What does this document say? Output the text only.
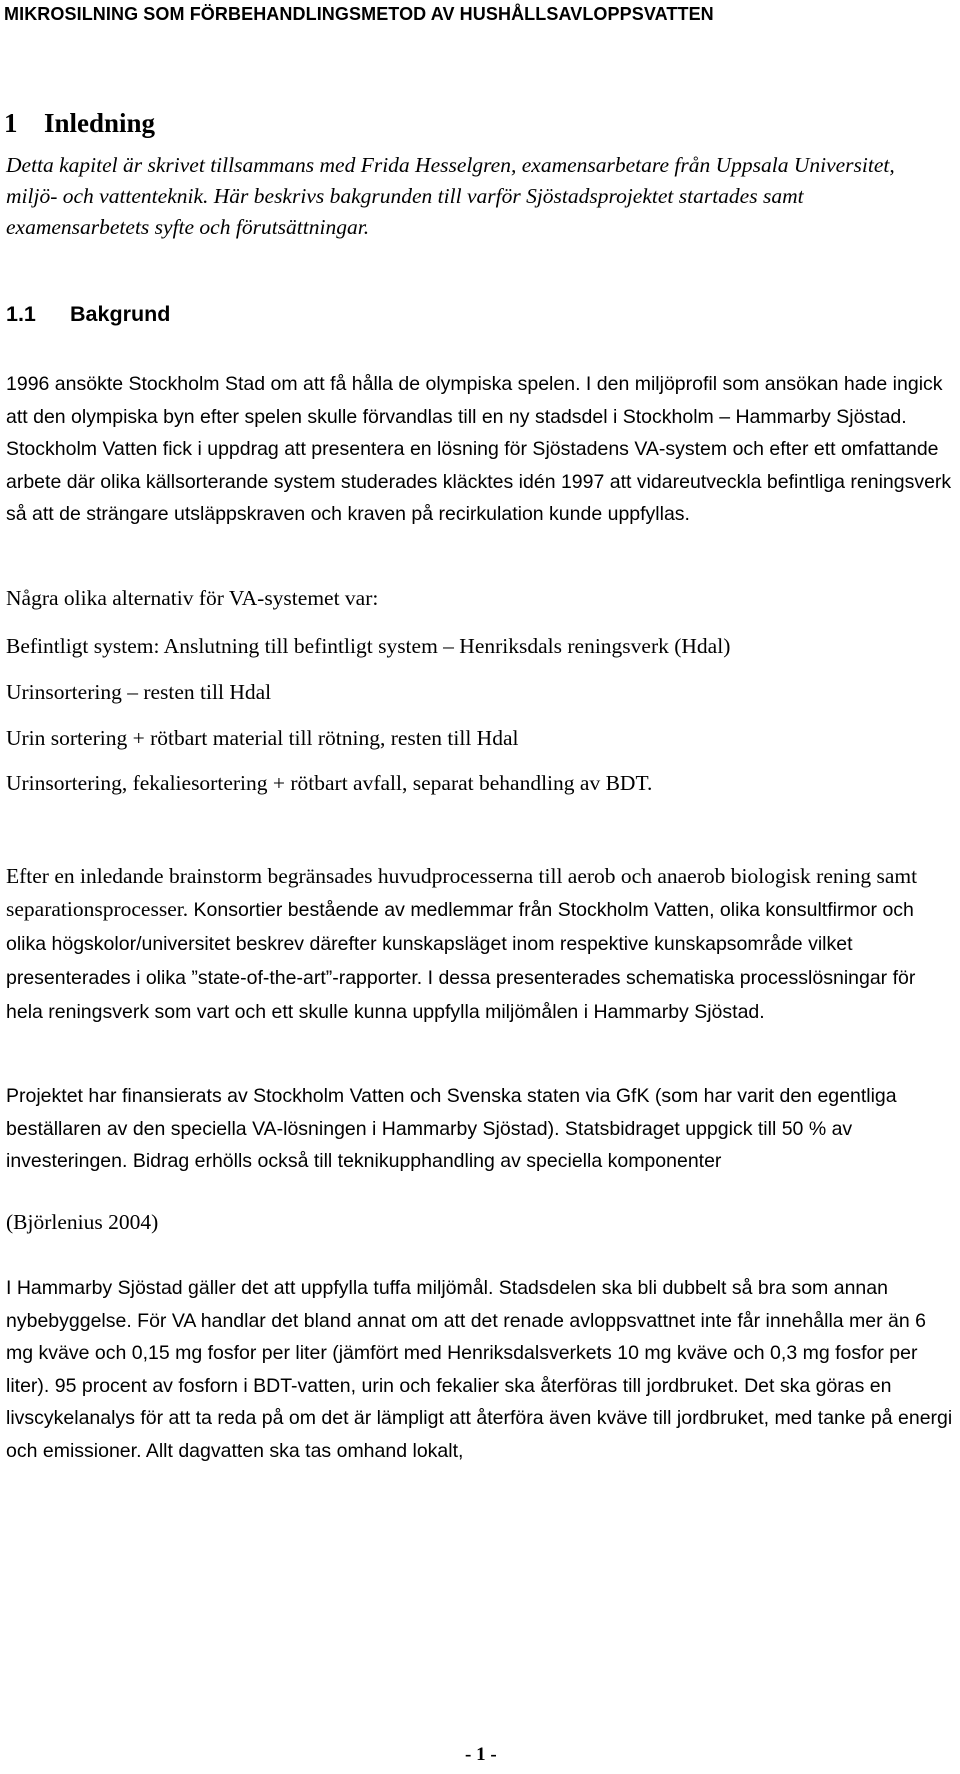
MIKROSILNING SOM FÖRBEHANDLINGSMETOD AV HUSHÅLLSAVLOPPSVATTEN
1 Inledning
Detta kapitel är skrivet tillsammans med Frida Hesselgren, examensarbetare från Uppsala Universitet, miljö- och vattenteknik. Här beskrivs bakgrunden till varför Sjöstadsprojektet startades samt examensarbetets syfte och förutsättningar.
1.1 Bakgrund
1996 ansökte Stockholm Stad om att få hålla de olympiska spelen. I den miljöprofil som ansökan hade ingick att den olympiska byn efter spelen skulle förvandlas till en ny stadsdel i Stockholm – Hammarby Sjöstad. Stockholm Vatten fick i uppdrag att presentera en lösning för Sjöstadens VA-system och efter ett omfattande arbete där olika källsorterande system studerades kläcktes idén 1997 att vidareutveckla befintliga reningsverk så att de strängare utsläppskraven och kraven på recirkulation kunde uppfyllas.
Några olika alternativ för VA-systemet var:
Befintligt system: Anslutning till befintligt system – Henriksdals reningsverk (Hdal)
Urinsortering – resten till Hdal
Urin sortering + rötbart material till rötning, resten till Hdal
Urinsortering, fekaliesortering + rötbart avfall, separat behandling av BDT.
Efter en inledande brainstorm begränsades huvudprocesserna till aerob och anaerob biologisk rening samt separationsprocesser. Konsortier bestående av medlemmar från Stockholm Vatten, olika konsultfirmor och olika högskolor/universitet beskrev därefter kunskapsläget inom respektive kunskapsområde vilket presenterades i olika ”state-of-the-art”-rapporter. I dessa presenterades schematiska processlösningar för hela reningsverk som vart och ett skulle kunna uppfylla miljömålen i Hammarby Sjöstad.
Projektet har finansierats av Stockholm Vatten och Svenska staten via GfK (som har varit den egentliga beställaren av den speciella VA-lösningen i Hammarby Sjöstad). Statsbidraget uppgick till 50 % av investeringen. Bidrag erhölls också till teknikupphandling av speciella komponenter
(Björlenius 2004)
I Hammarby Sjöstad gäller det att uppfylla tuffa miljömål. Stadsdelen ska bli dubbelt så bra som annan nybebyggelse. För VA handlar det bland annat om att det renade avloppsvattnet inte får innehålla mer än 6 mg kväve och 0,15 mg fosfor per liter (jämfört med Henriksdalsverkets 10 mg kväve och 0,3 mg fosfor per liter). 95 procent av fosforn i BDT-vatten, urin och fekalier ska återföras till jordbruket. Det ska göras en livscykelanalys för att ta reda på om det är lämpligt att återföra även kväve till jordbruket, med tanke på energi och emissioner. Allt dagvatten ska tas omhand lokalt,
- 1 -
